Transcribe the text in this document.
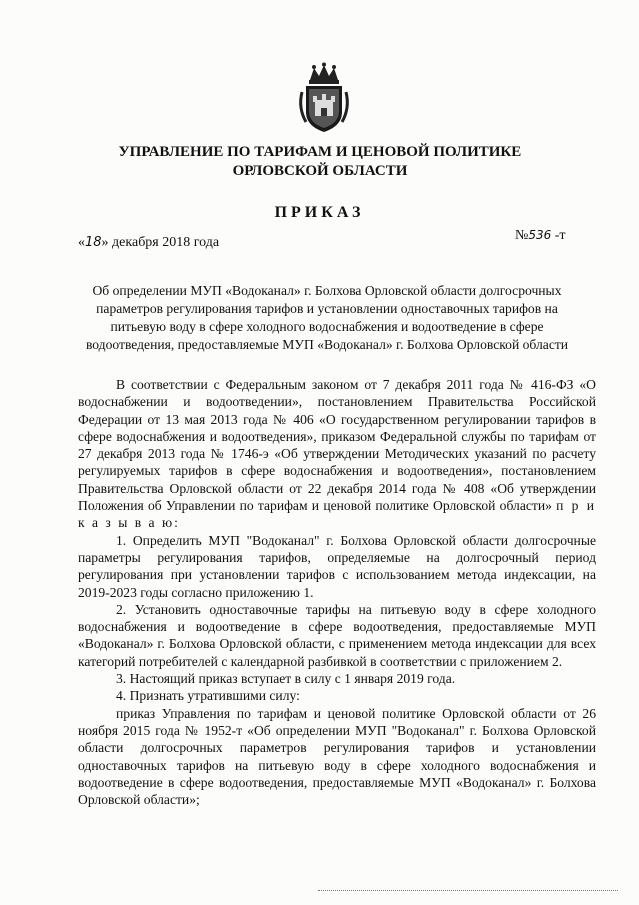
УПРАВЛЕНИЕ ПО ТАРИФАМ И ЦЕНОВОЙ ПОЛИТИКЕ
ОРЛОВСКОЙ ОБЛАСТИ
ПРИКАЗ
«18» декабря 2018 года	№536 -т
Об определении МУП «Водоканал» г. Болхова Орловской области долгосрочных параметров регулирования тарифов и установлении одноставочных тарифов на питьевую воду в сфере холодного водоснабжения и водоотведение в сфере водоотведения, предоставляемые МУП «Водоканал» г. Болхова Орловской области

В соответствии с Федеральным законом от 7 декабря 2011 года № 416-ФЗ «О водоснабжении и водоотведении», постановлением Правительства Российской Федерации от 13 мая 2013 года № 406 «О государственном регулировании тарифов в сфере водоснабжения и водоотведения», приказом Федеральной службы по тарифам от 27 декабря 2013 года № 1746-э «Об утверждении Методических указаний по расчету регулируемых тарифов в сфере водоснабжения и водоотведения», постановлением Правительства Орловской области от 22 декабря 2014 года № 408 «Об утверждении Положения об Управлении по тарифам и ценовой политике Орловской области» п р и к а з ы в а ю:

1. Определить МУП "Водоканал" г. Болхова Орловской области долгосрочные параметры регулирования тарифов, определяемые на долгосрочный период регулирования при установлении тарифов с использованием метода индексации, на 2019-2023 годы согласно приложению 1.

2. Установить одноставочные тарифы на питьевую воду в сфере холодного водоснабжения и водоотведение в сфере водоотведения, предоставляемые МУП «Водоканал» г. Болхова Орловской области, с применением метода индексации для всех категорий потребителей с календарной разбивкой в соответствии с приложением 2.

3. Настоящий приказ вступает в силу с 1 января 2019 года.

4. Признать утратившими силу:

приказ Управления по тарифам и ценовой политике Орловской области от 26 ноября 2015 года № 1952-т «Об определении МУП "Водоканал" г. Болхова Орловской области долгосрочных параметров регулирования тарифов и установлении одноставочных тарифов на питьевую воду в сфере холодного водоснабжения и водоотведение в сфере водоотведения, предоставляемые МУП «Водоканал» г. Болхова Орловской области»;
